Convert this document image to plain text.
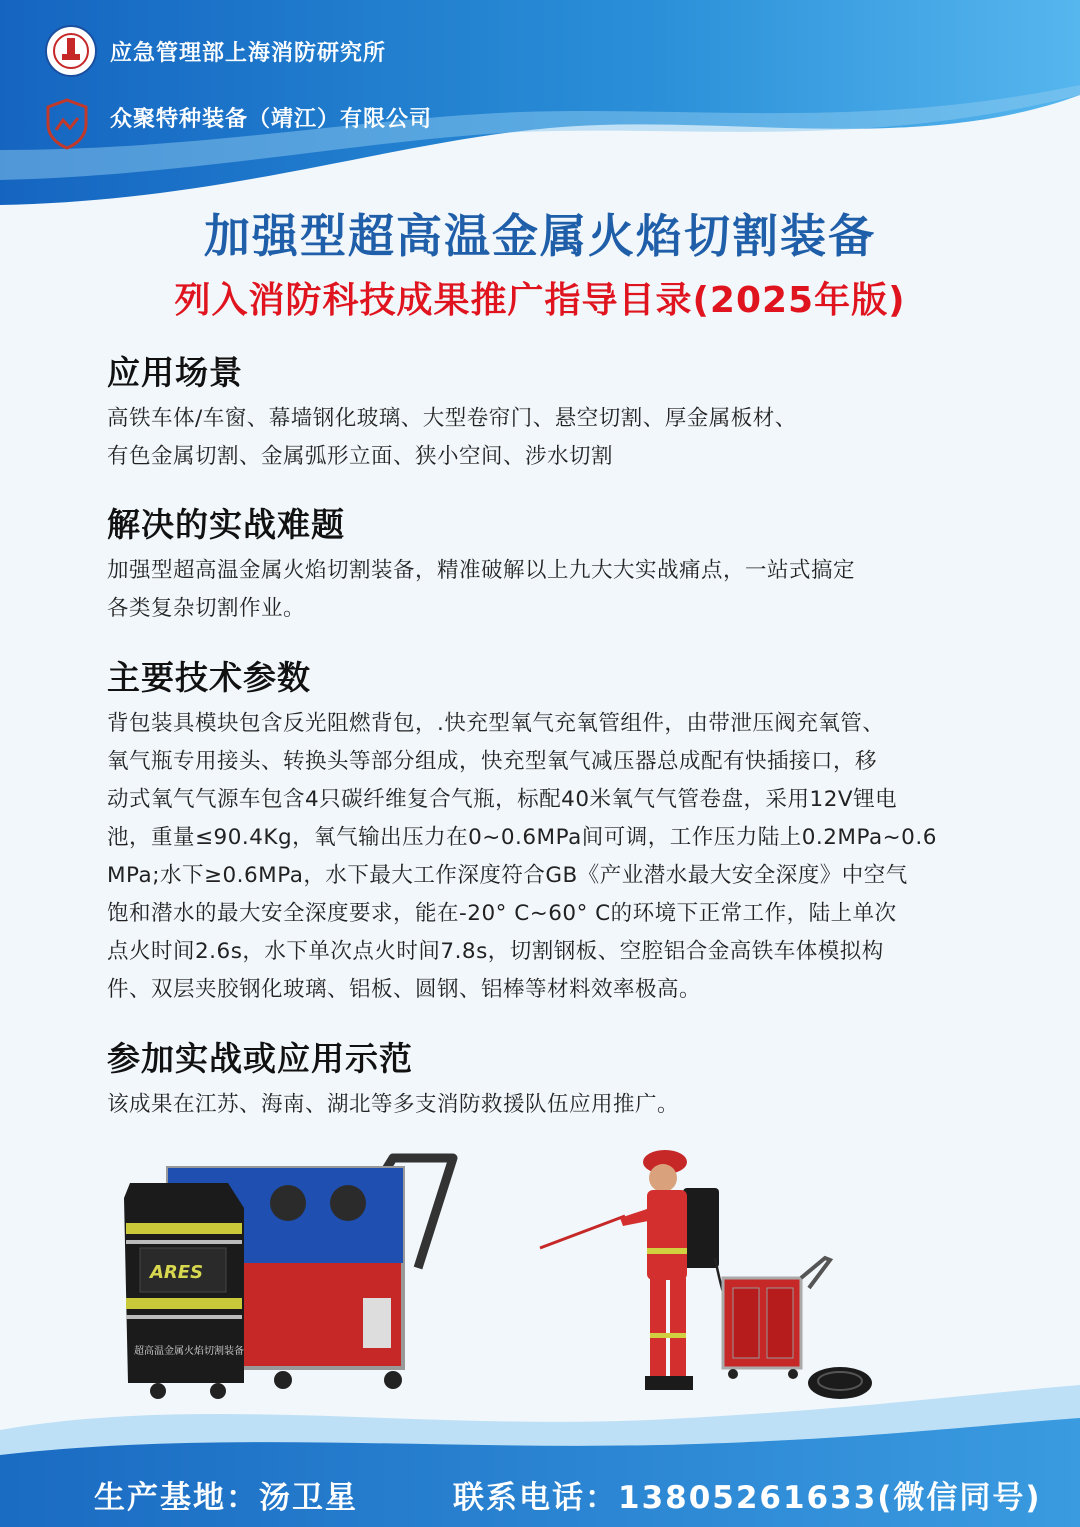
应急管理部上海消防研究所
众聚特种装备（靖江）有限公司
加强型超高温金属火焰切割装备
列入消防科技成果推广指导目录(2025年版)
应用场景

高铁车体/车窗、幕墙钢化玻璃、大型卷帘门、悬空切割、厚金属板材、

有色金属切割、金属弧形立面、狭小空间、涉水切割

解决的实战难题

加强型超高温金属火焰切割装备，精准破解以上九大大实战痛点，一站式搞定

各类复杂切割作业。

主要技术参数

背包装具模块包含反光阻燃背包，.快充型氧气充氧管组件，由带泄压阀充氧管、

氧气瓶专用接头、转换头等部分组成，快充型氧气减压器总成配有快插接口，移

动式氧气气源车包含4只碳纤维复合气瓶，标配40米氧气气管卷盘，采用12V锂电

池，重量≤90.4Kg，氧气输出压力在0~0.6MPa间可调，工作压力陆上0.2MPa~0.6

MPa;水下≥0.6MPa，水下最大工作深度符合GB《产业潜水最大安全深度》中空气

饱和潜水的最大安全深度要求，能在-20° C~60° C的环境下正常工作，陆上单次

点火时间2.6s，水下单次点火时间7.8s，切割钢板、空腔铝合金高铁车体模拟构

件、双层夹胶钢化玻璃、铝板、圆钢、铝棒等材料效率极高。

参加实战或应用示范

该成果在江苏、海南、湖北等多支消防救援队伍应用推广。

ARES
超高温金属火焰切割装备
生产基地：汤卫星	联系电话：13805261633(微信同号)
